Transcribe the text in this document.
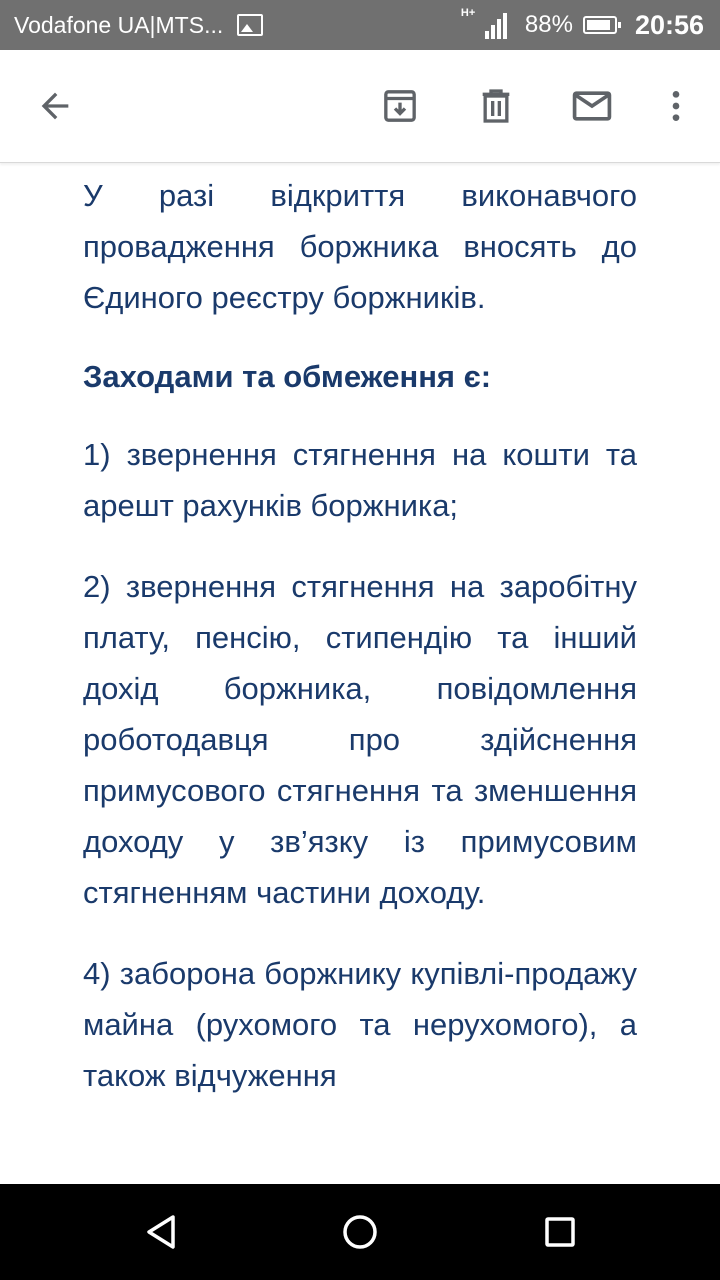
Vodafone UA|MTS...	H+ 88% 20:56

У разі відкриття виконавчого провадження боржника вносять до Єдиного реєстру боржників.

Заходами та обмеження є:

1) звернення стягнення на кошти та арешт рахунків боржника;

2) звернення стягнення на заробітну плату, пенсію, стипендію та інший дохід боржника, повідомлення роботодавця про здійснення примусового стягнення та зменшення доходу у зв’язку із примусовим стягненням частини доходу.

4) заборона боржнику купівлі-продажу майна (рухомого та нерухомого), а також відчуження
